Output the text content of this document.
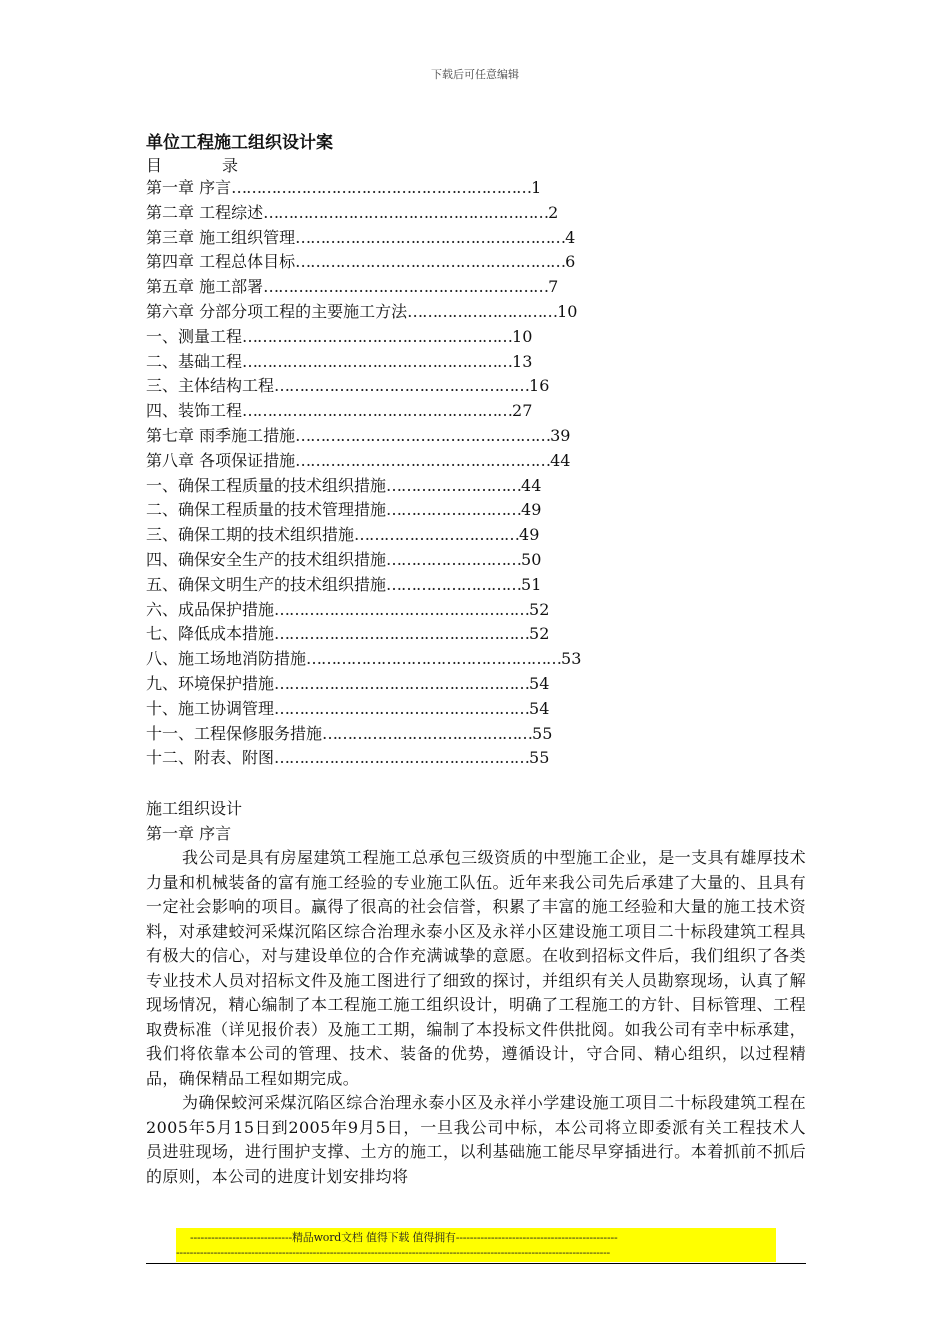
下载后可任意编辑
单位工程施工组织设计案
目	录
第一章 序言……………………………………………………1
第二章 工程综述…………………………………………………2
第三章 施工组织管理………………………………………………4
第四章 工程总体目标………………………………………………6
第五章 施工部署…………………………………………………7
第六章 分部分项工程的主要施工方法…………………………10
一、测量工程………………………………………………10
二、基础工程………………………………………………13
三、主体结构工程……………………………………………16
四、装饰工程………………………………………………27
第七章 雨季施工措施……………………………………………39
第八章 各项保证措施……………………………………………44
一、确保工程质量的技术组织措施………………………44
二、确保工程质量的技术管理措施………………………49
三、确保工期的技术组织措施……………………………49
四、确保安全生产的技术组织措施………………………50
五、确保文明生产的技术组织措施………………………51
六、成品保护措施……………………………………………52
七、降低成本措施……………………………………………52
八、施工场地消防措施……………………………………………53
九、环境保护措施……………………………………………54
十、施工协调管理……………………………………………54
十一、工程保修服务措施……………………………………55
十二、附表、附图……………………………………………55
施工组织设计
第一章 序言

我公司是具有房屋建筑工程施工总承包三级资质的中型施工企业，是一支具有雄厚技术力量和机械装备的富有施工经验的专业施工队伍。近年来我公司先后承建了大量的、且具有一定社会影响的项目。赢得了很高的社会信誉，积累了丰富的施工经验和大量的施工技术资料，对承建蛟河采煤沉陷区综合治理永泰小区及永祥小区建设施工项目二十标段建筑工程具有极大的信心，对与建设单位的合作充满诚挚的意愿。在收到招标文件后，我们组织了各类专业技术人员对招标文件及施工图进行了细致的探讨，并组织有关人员勘察现场，认真了解现场情况，精心编制了本工程施工施工组织设计，明确了工程施工的方针、目标管理、工程取费标准（详见报价表）及施工工期，编制了本投标文件供批阅。如我公司有幸中标承建，我们将依靠本公司的管理、技术、装备的优势，遵循设计，守合同、精心组织，以过程精品，确保精品工程如期完成。

为确保蛟河采煤沉陷区综合治理永泰小区及永祥小学建设施工项目二十标段建筑工程在2005年5月15日到2005年9月5日，一旦我公司中标，本公司将立即委派有关工程技术人员进驻现场，进行围护支撑、土方的施工，以利基础施工能尽早穿插进行。本着抓前不抓后的原则，本公司的进度计划安排均将

-----------------------------精品word文档 值得下载 值得拥有----------------------------------------------
-------------------------------------------------------------------------------------------------------------------------------
